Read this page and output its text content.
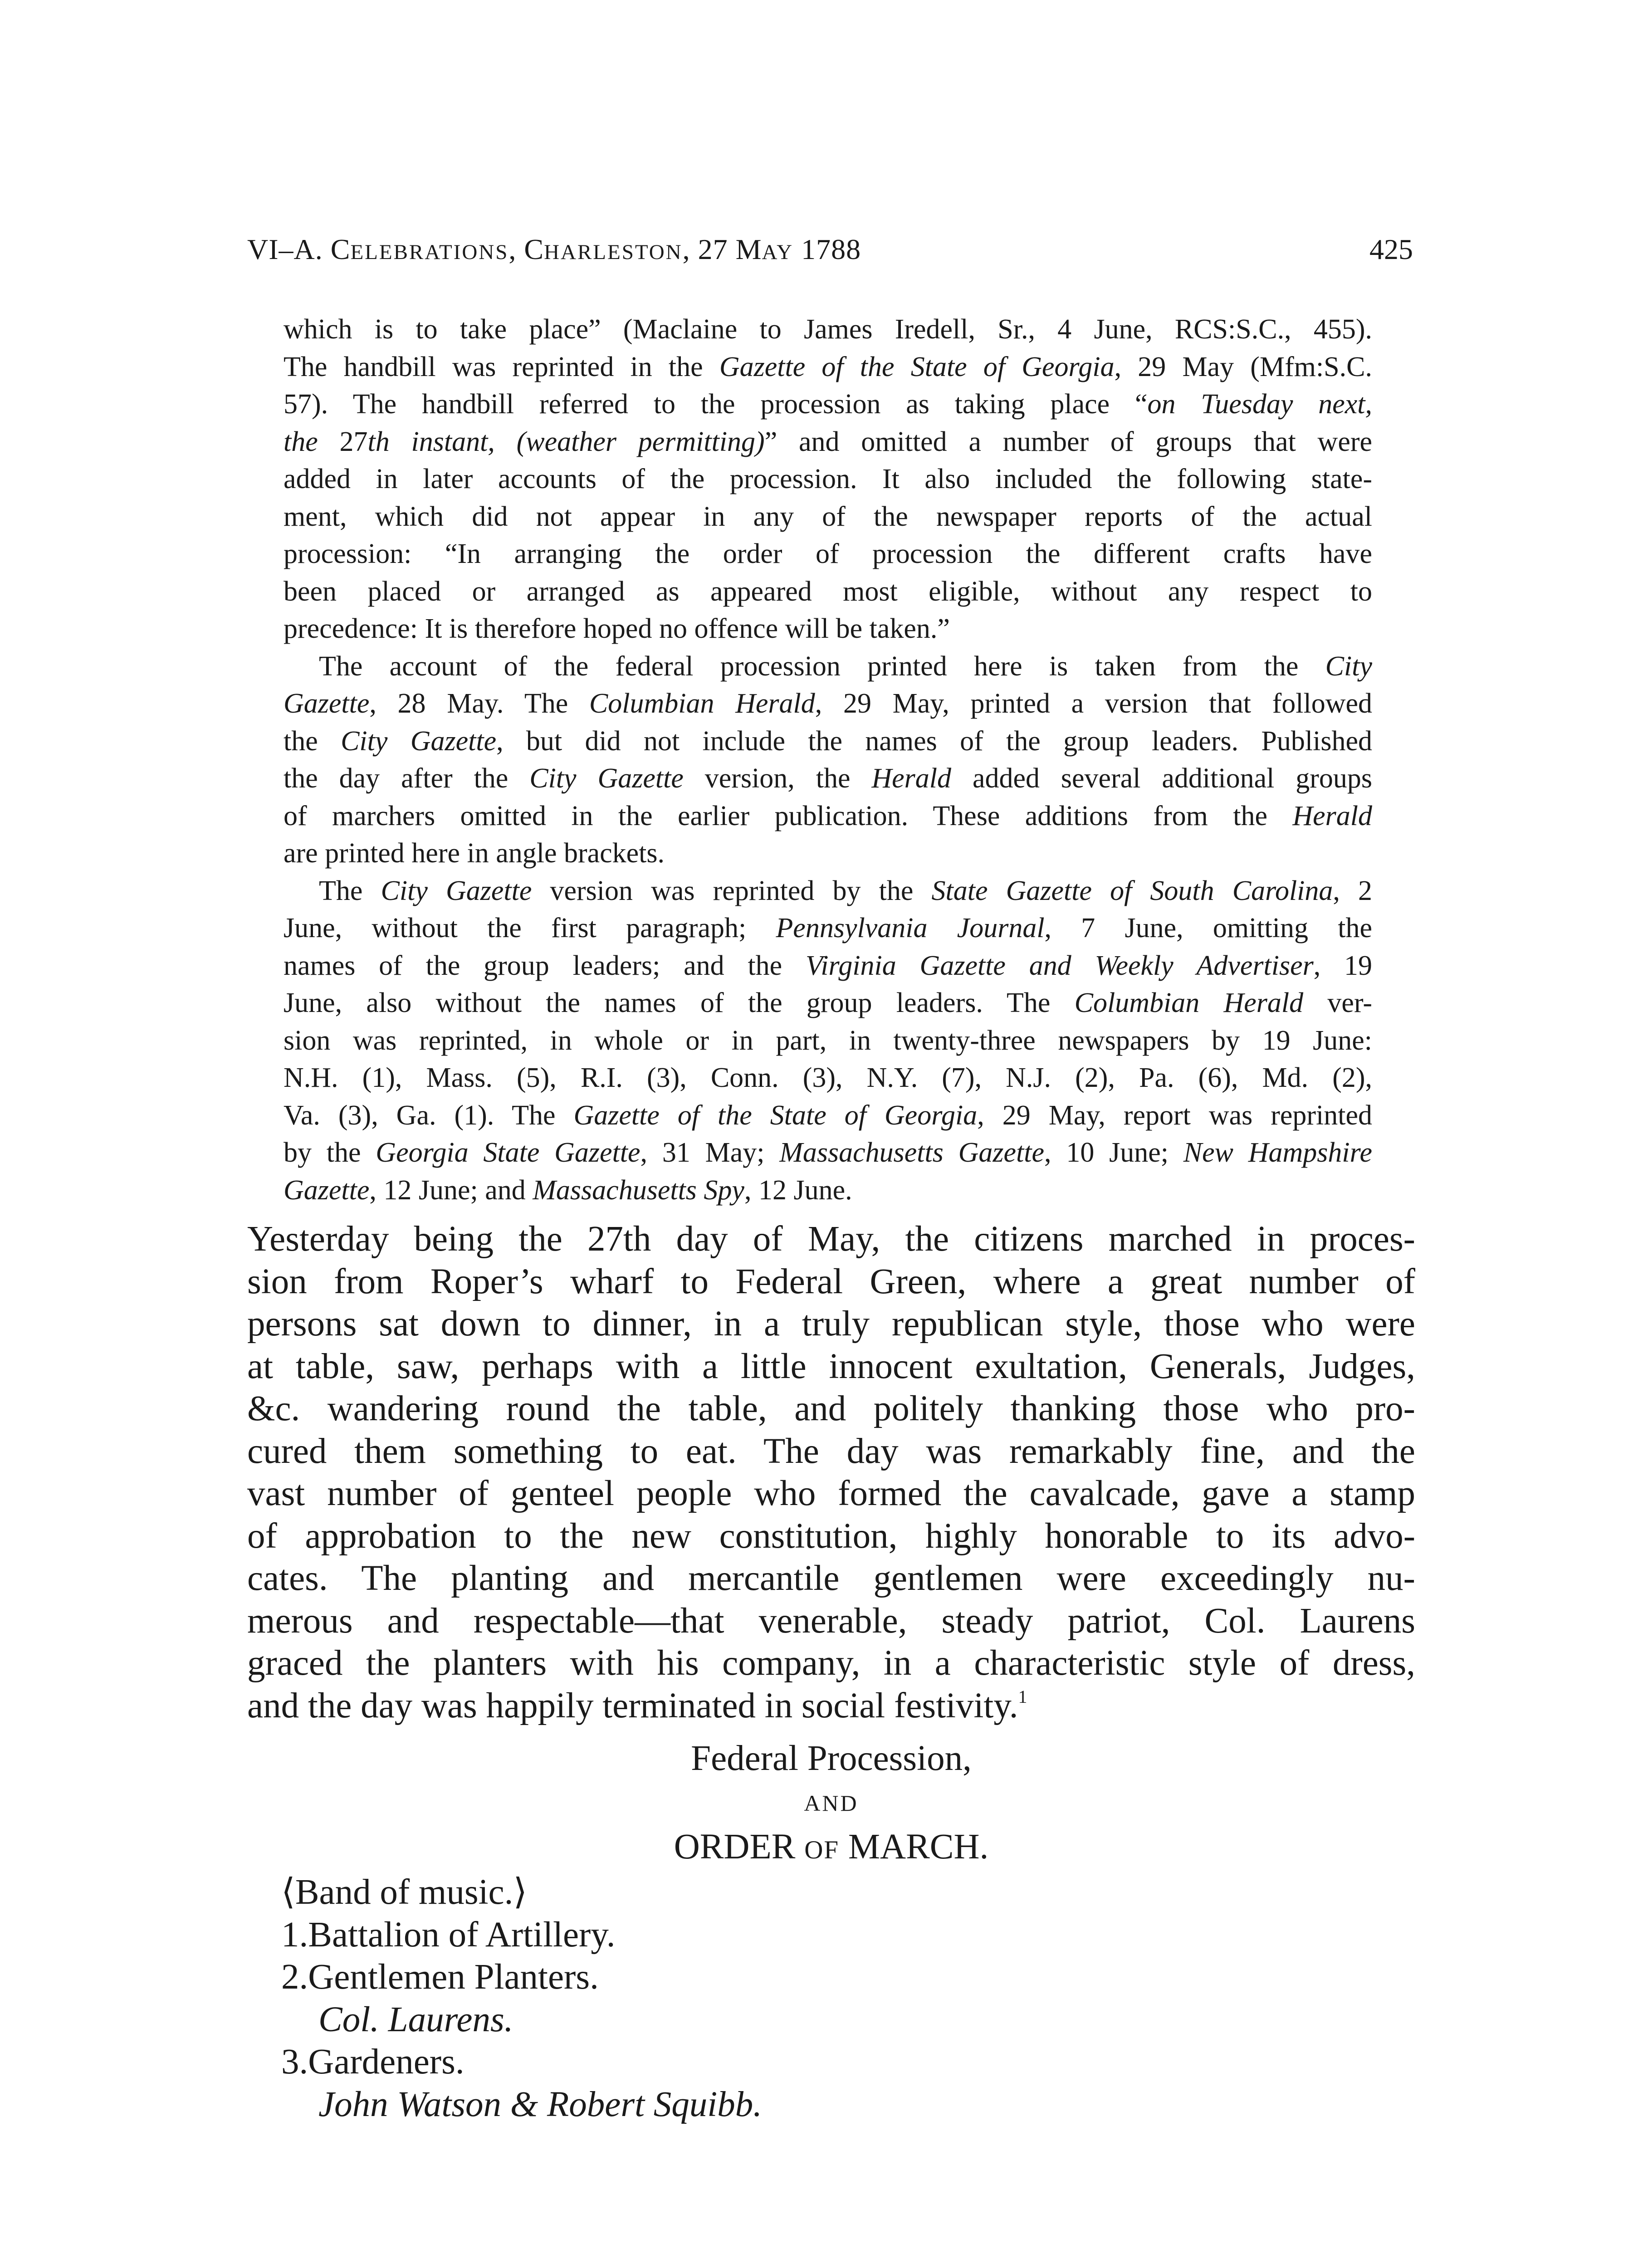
VI–A. CELEBRATIONS, CHARLESTON, 27 MAY 1788	425
which is to take place” (Maclaine to James Iredell, Sr., 4 June, RCS:S.C., 455).
The handbill was reprinted in the Gazette of the State of Georgia, 29 May (Mfm:S.C.
57). The handbill referred to the procession as taking place “on Tuesday next,
the 27th instant, (weather permitting)” and omitted a number of groups that were
added in later accounts of the procession. It also included the following state-
ment, which did not appear in any of the newspaper reports of the actual
procession: “In arranging the order of procession the different crafts have
been placed or arranged as appeared most eligible, without any respect to
precedence: It is therefore hoped no offence will be taken.”
The account of the federal procession printed here is taken from the City
Gazette, 28 May. The Columbian Herald, 29 May, printed a version that followed
the City Gazette, but did not include the names of the group leaders. Published
the day after the City Gazette version, the Herald added several additional groups
of marchers omitted in the earlier publication. These additions from the Herald
are printed here in angle brackets.
The City Gazette version was reprinted by the State Gazette of South Carolina, 2
June, without the first paragraph; Pennsylvania Journal, 7 June, omitting the
names of the group leaders; and the Virginia Gazette and Weekly Advertiser, 19
June, also without the names of the group leaders. The Columbian Herald ver-
sion was reprinted, in whole or in part, in twenty-three newspapers by 19 June:
N.H. (1), Mass. (5), R.I. (3), Conn. (3), N.Y. (7), N.J. (2), Pa. (6), Md. (2),
Va. (3), Ga. (1). The Gazette of the State of Georgia, 29 May, report was reprinted
by the Georgia State Gazette, 31 May; Massachusetts Gazette, 10 June; New Hampshire
Gazette, 12 June; and Massachusetts Spy, 12 June.
Yesterday being the 27th day of May, the citizens marched in proces-
sion from Roper’s wharf to Federal Green, where a great number of
persons sat down to dinner, in a truly republican style, those who were
at table, saw, perhaps with a little innocent exultation, Generals, Judges,
&c. wandering round the table, and politely thanking those who pro-
cured them something to eat. The day was remarkably fine, and the
vast number of genteel people who formed the cavalcade, gave a stamp
of approbation to the new constitution, highly honorable to its advo-
cates. The planting and mercantile gentlemen were exceedingly nu-
merous and respectable—that venerable, steady patriot, Col. Laurens
graced the planters with his company, in a characteristic style of dress,
and the day was happily terminated in social festivity.$^1$
Federal Procession,
AND
ORDER OF MARCH.
⟨Band of music.⟩
1.Battalion of Artillery.
2.Gentlemen Planters.
Col. Laurens.
3.Gardeners.
John Watson & Robert Squibb.
